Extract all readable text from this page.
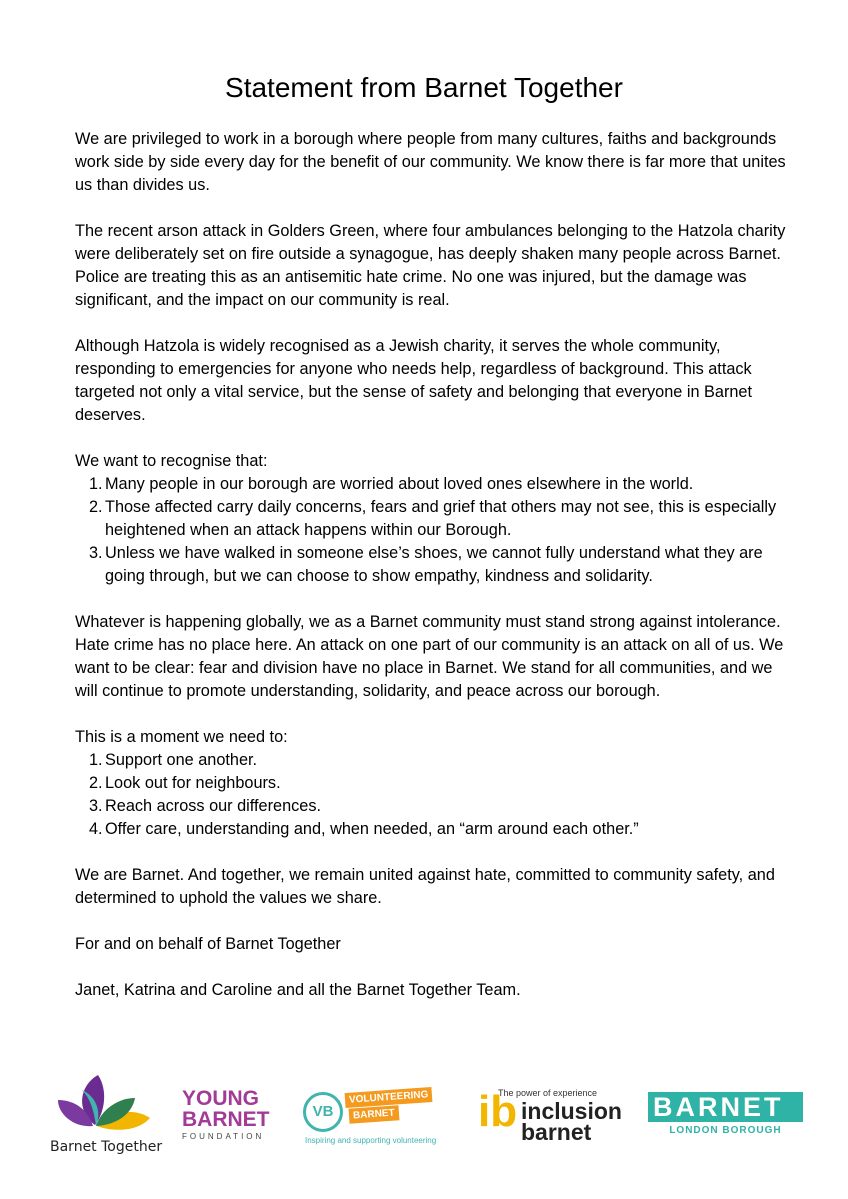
Statement from Barnet Together

We are privileged to work in a borough where people from many cultures, faiths and backgrounds work side by side every day for the benefit of our community. We know there is far more that unites us than divides us.

The recent arson attack in Golders Green, where four ambulances belonging to the Hatzola charity were deliberately set on fire outside a synagogue, has deeply shaken many people across Barnet. Police are treating this as an antisemitic hate crime. No one was injured, but the damage was significant, and the impact on our community is real.

Although Hatzola is widely recognised as a Jewish charity, it serves the whole community, responding to emergencies for anyone who needs help, regardless of background. This attack targeted not only a vital service, but the sense of safety and belonging that everyone in Barnet deserves.

We want to recognise that:

1. Many people in our borough are worried about loved ones elsewhere in the world.
2. Those affected carry daily concerns, fears and grief that others may not see, this is especially heightened when an attack happens within our Borough.
3. Unless we have walked in someone else’s shoes, we cannot fully understand what they are going through, but we can choose to show empathy, kindness and solidarity.

Whatever is happening globally, we as a Barnet community must stand strong against intolerance. Hate crime has no place here. An attack on one part of our community is an attack on all of us. We want to be clear: fear and division have no place in Barnet. We stand for all communities, and we will continue to promote understanding, solidarity, and peace across our borough.

This is a moment we need to:

1. Support one another.
2. Look out for neighbours.
3. Reach across our differences.
4. Offer care, understanding and, when needed, an “arm around each other.”

We are Barnet. And together, we remain united against hate, committed to community safety, and determined to uphold the values we share.

For and on behalf of Barnet Together

Janet, Katrina and Caroline and all the Barnet Together Team.

Barnet Together
YOUNG
BARNET
FOUNDATION
VB
VOLUNTEERING
BARNET
Inspiring and supporting volunteering
The power of experience
ib inclusion
barnet
BARNET
LONDON BOROUGH
